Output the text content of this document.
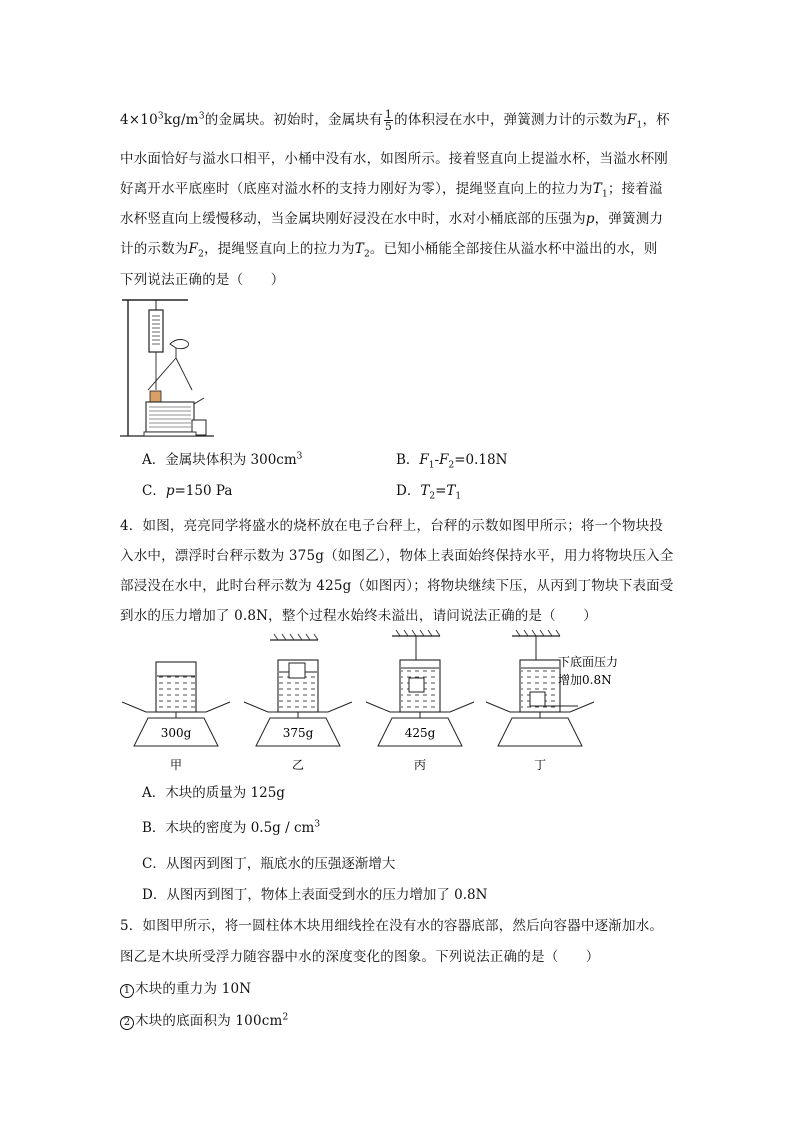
$4\times 10^3kg/m^3$的金属块。初始时，金属块有 $\frac{1}{5}$ 的体积浸在水中，弹簧测力计的示数为$F_1$，杯
中水面恰好与溢水口相平，小桶中没有水，如图所示。接着竖直向上提溢水杯，当溢水杯刚
好离开水平底座时（底座对溢水杯的支持力刚好为零），提绳竖直向上的拉力为$T_1$；接着溢
水杯竖直向上缓慢移动，当金属块刚好浸没在水中时，水对小桶底部的压强为p，弹簧测力
计的示数为$F_2$，提绳竖直向上的拉力为$T_2$。已知小桶能全部接住从溢水杯中溢出的水，则
下列说法正确的是（　　）
A．金属块体积为 $300cm^3$	B．$F_1-F_2=0.18N$
C．p=150 Pa	D．$T_2=T_1$
4．如图，亮亮同学将盛水的烧杯放在电子台秤上，台秤的示数如图甲所示；将一个物块投
入水中，漂浮时台秤示数为 375g（如图乙），物体上表面始终保持水平，用力将物块压入全
部浸没在水中，此时台秤示数为 425g（如图丙）；将物块继续下压，从丙到丁物块下表面受
到水的压力增加了 0.8N，整个过程水始终未溢出，请问说法正确的是（　　）
300g
甲
375g
乙
425g
丙
下底面压力
增加0.8N
丁
A．木块的质量为 125g
B．木块的密度为 $0.5g / cm^3$
C．从图丙到图丁，瓶底水的压强逐渐增大
D．从图丙到图丁，物体上表面受到水的压力增加了 0.8N
5．如图甲所示，将一圆柱体木块用细线拴在没有水的容器底部，然后向容器中逐渐加水。
图乙是木块所受浮力随容器中水的深度变化的图象。下列说法正确的是（　　）
1 木块的重力为 10N
2 木块的底面积为 $100cm^2$
